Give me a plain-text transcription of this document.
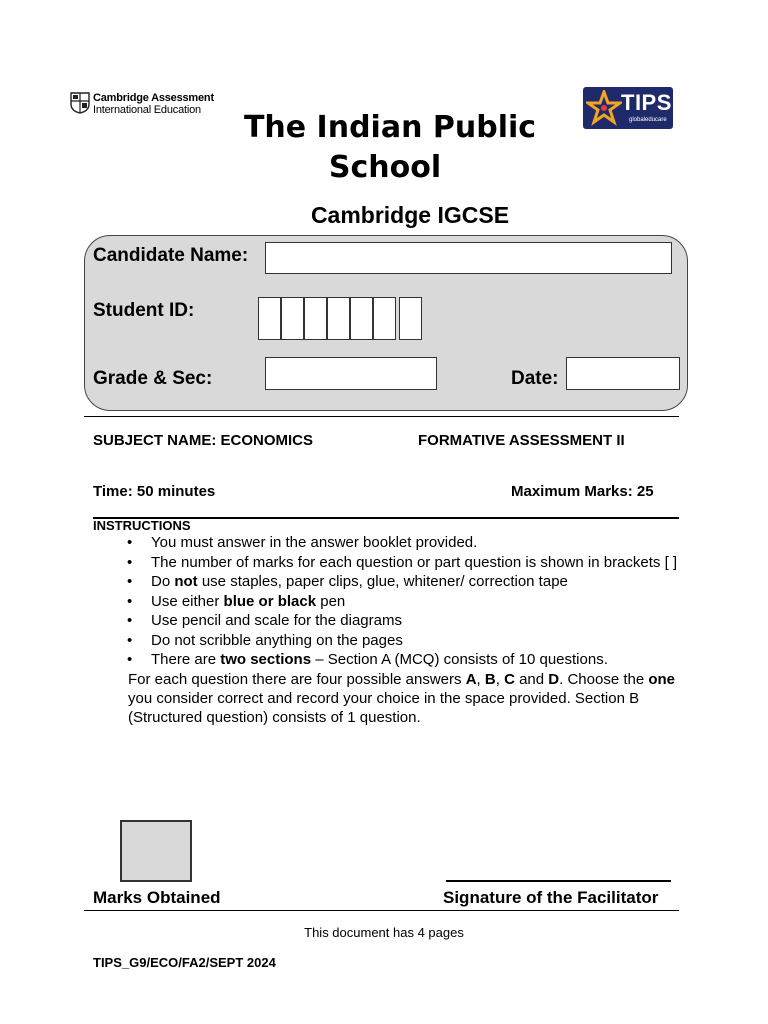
Cambridge Assessment
International Education	TIPS
globaleducare
The Indian Public
School
Cambridge IGCSE
Candidate Name:
Student ID:
Grade & Sec:	Date:
SUBJECT NAME: ECONOMICS	FORMATIVE ASSESSMENT II
Time: 50 minutes	Maximum Marks: 25
INSTRUCTIONS
• You must answer in the answer booklet provided.
• The number of marks for each question or part question is shown in brackets [ ]
• Do not use staples, paper clips, glue, whitener/ correction tape
• Use either blue or black pen
• Use pencil and scale for the diagrams
• Do not scribble anything on the pages
• There are two sections – Section A (MCQ) consists of 10 questions.
For each question there are four possible answers A, B, C and D. Choose the one you consider correct and record your choice in the space provided. Section B (Structured question) consists of 1 question.
Marks Obtained	Signature of the Facilitator
This document has 4 pages
TIPS_G9/ECO/FA2/SEPT 2024
